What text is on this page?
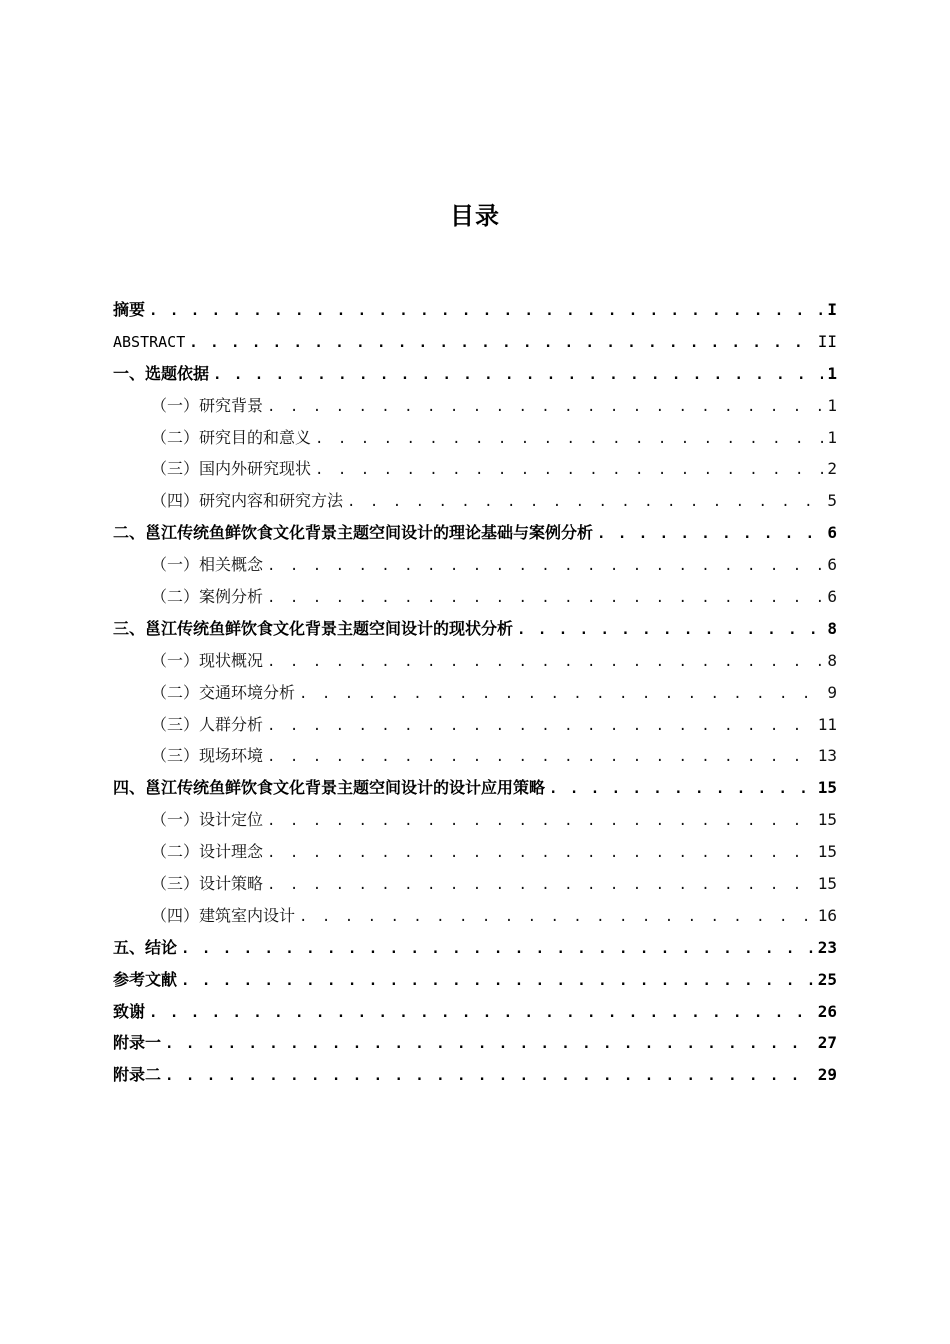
目录
摘要 . . .	I
ABSTRACT . . .	II
一、选题依据 . . .	1
（一）研究背景 . . .	1
（二）研究目的和意义 . . .	1
（三）国内外研究现状 . . .	2
（四）研究内容和研究方法 . . .	5
二、邕江传统鱼鲜饮食文化背景主题空间设计的理论基础与案例分析 . . .	6
（一）相关概念 . . .	6
（二）案例分析 . . .	6
三、邕江传统鱼鲜饮食文化背景主题空间设计的现状分析 . . .	8
（一）现状概况 . . .	8
（二）交通环境分析 . . .	9
（三）人群分析 . . .	11
（三）现场环境 . . .	13
四、邕江传统鱼鲜饮食文化背景主题空间设计的设计应用策略 . . .	15
（一）设计定位 . . .	15
（二）设计理念 . . .	15
（三）设计策略 . . .	15
（四）建筑室内设计 . . .	16
五、结论 . . .	23
参考文献 . . .	25
致谢 . . .	26
附录一 . . .	27
附录二 . . .	29
